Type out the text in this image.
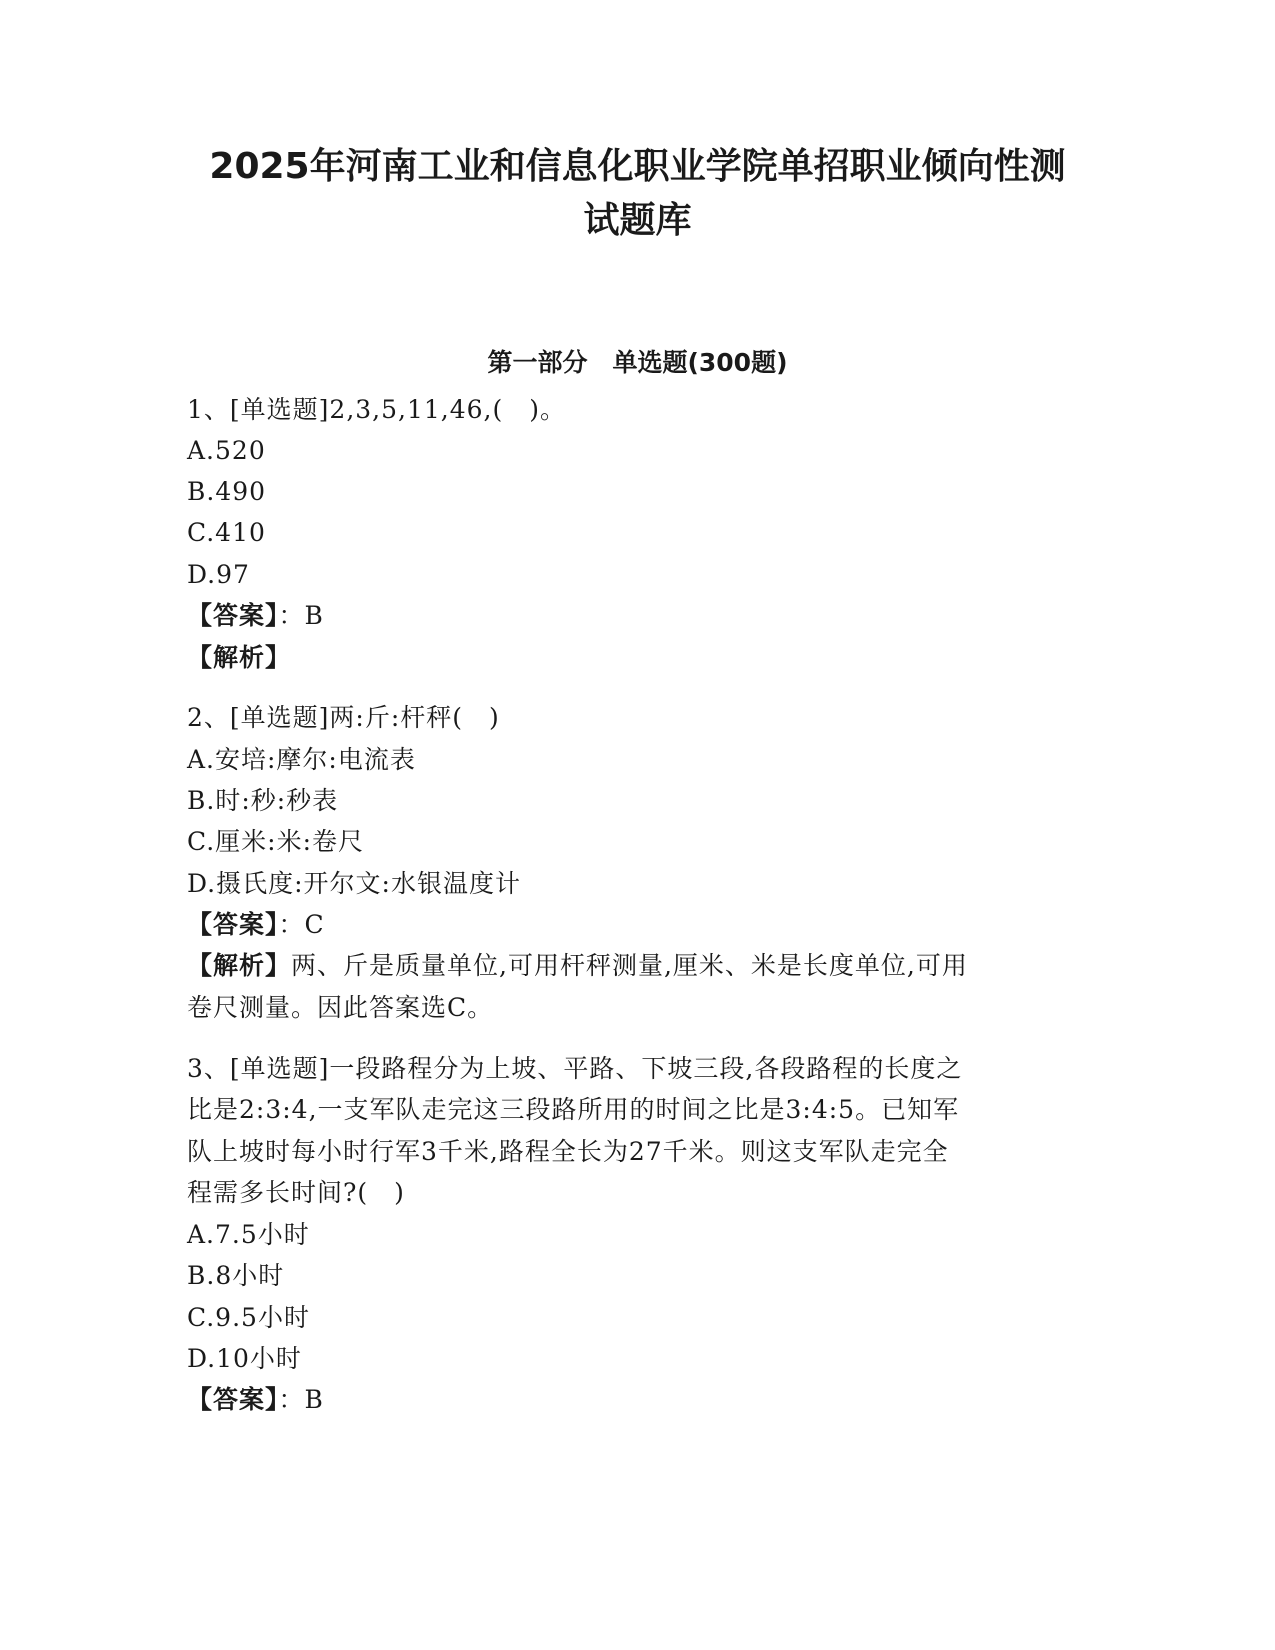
2025年河南工业和信息化职业学院单招职业倾向性测
试题库
第一部分　单选题(300题)

1、[单选题]2,3,5,11,46,(　)。

A.520

B.490

C.410

D.97

【答案】：B

【解析】

2、[单选题]两:斤:杆秤(　)

A.安培:摩尔:电流表

B.时:秒:秒表

C.厘米:米:卷尺

D.摄氏度:开尔文:水银温度计

【答案】：C

【解析】两、斤是质量单位,可用杆秤测量,厘米、米是长度单位,可用

卷尺测量。因此答案选C。

3、[单选题]一段路程分为上坡、平路、下坡三段,各段路程的长度之

比是2:3:4,一支军队走完这三段路所用的时间之比是3:4:5。已知军

队上坡时每小时行军3千米,路程全长为27千米。则这支军队走完全

程需多长时间?(　)

A.7.5小时

B.8小时

C.9.5小时

D.10小时

【答案】：B
